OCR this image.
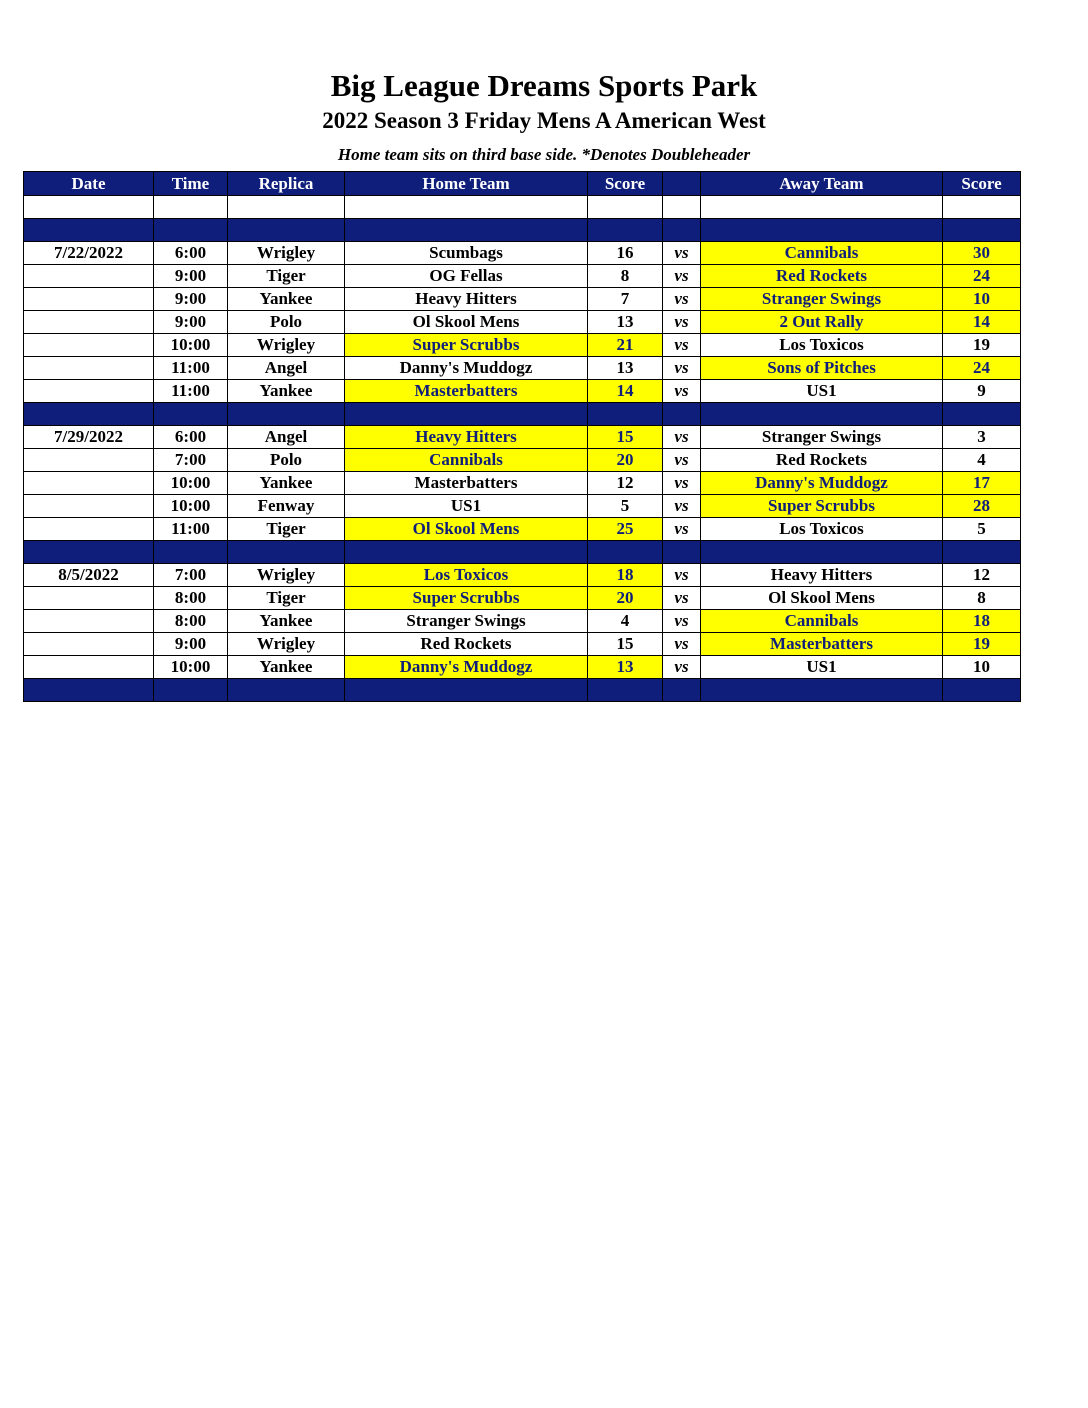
Big League Dreams Sports Park
2022 Season 3 Friday Mens A American West
Home team sits on third base side. *Denotes Doubleheader
Date	Time	Replica	Home Team	Score		Away Team	Score

7/22/2022	6:00	Wrigley	Scumbags	16	vs	Cannibals	30
	9:00	Tiger	OG Fellas	8	vs	Red Rockets	24
	9:00	Yankee	Heavy Hitters	7	vs	Stranger Swings	10
	9:00	Polo	Ol Skool Mens	13	vs	2 Out Rally	14
	10:00	Wrigley	Super Scrubbs	21	vs	Los Toxicos	19
	11:00	Angel	Danny's Muddogz	13	vs	Sons of Pitches	24
	11:00	Yankee	Masterbatters	14	vs	US1	9

7/29/2022	6:00	Angel	Heavy Hitters	15	vs	Stranger Swings	3
	7:00	Polo	Cannibals	20	vs	Red Rockets	4
	10:00	Yankee	Masterbatters	12	vs	Danny's Muddogz	17
	10:00	Fenway	US1	5	vs	Super Scrubbs	28
	11:00	Tiger	Ol Skool Mens	25	vs	Los Toxicos	5

8/5/2022	7:00	Wrigley	Los Toxicos	18	vs	Heavy Hitters	12
	8:00	Tiger	Super Scrubbs	20	vs	Ol Skool Mens	8
	8:00	Yankee	Stranger Swings	4	vs	Cannibals	18
	9:00	Wrigley	Red Rockets	15	vs	Masterbatters	19
	10:00	Yankee	Danny's Muddogz	13	vs	US1	10
